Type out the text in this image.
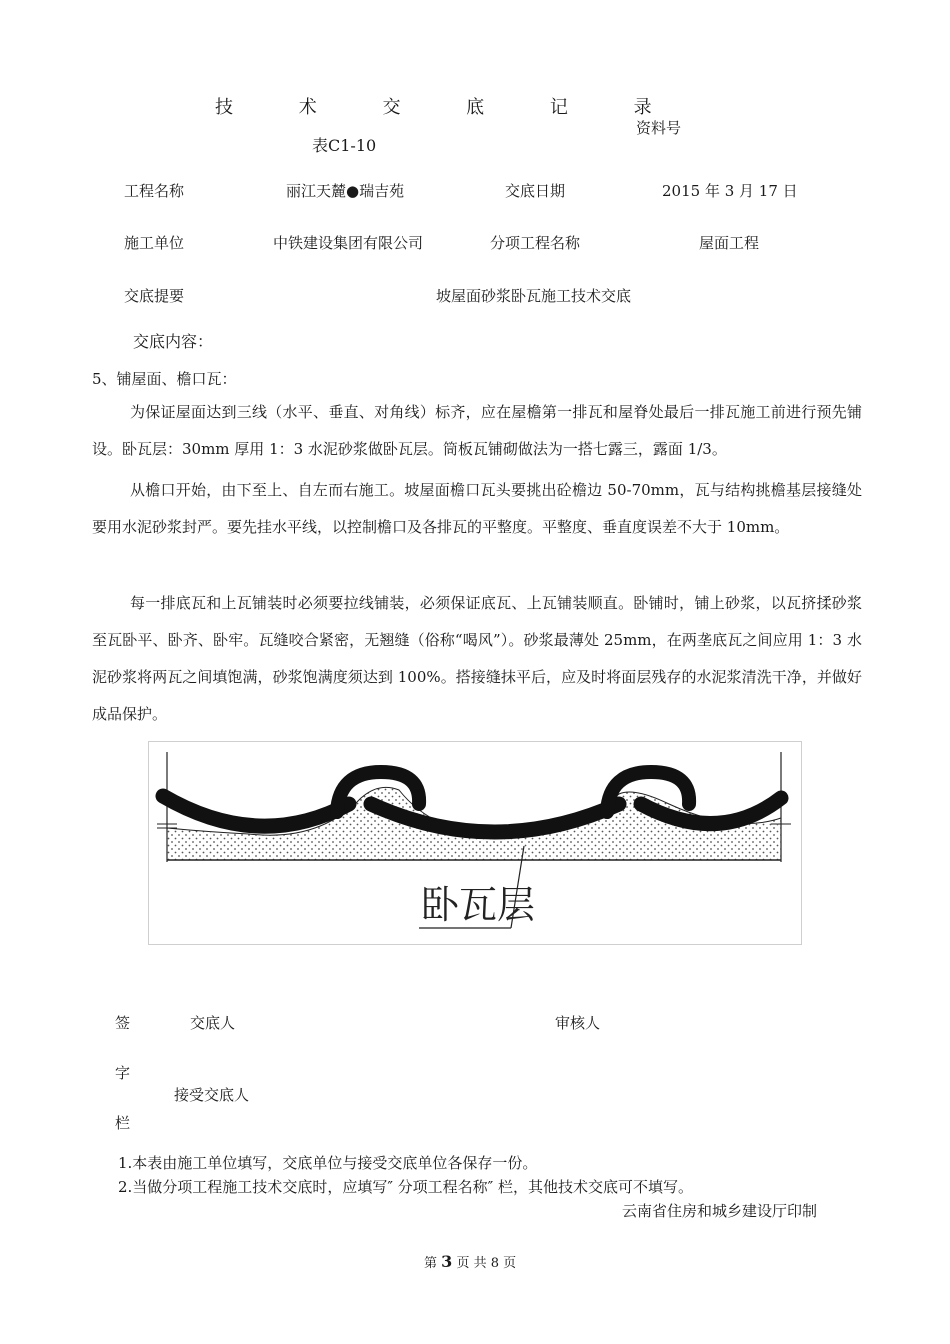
技 术 交 底 记 录
表C1-10
资料号
工程名称	丽江天麓●瑞吉苑	交底日期	2015 年 3 月 17 日
施工单位	中铁建设集团有限公司	分项工程名称	屋面工程
交底提要	坡屋面砂浆卧瓦施工技术交底
交底内容：
5、铺屋面、檐口瓦：

为保证屋面达到三线（水平、垂直、对角线）标齐，应在屋檐第一排瓦和屋脊处最后一排瓦施工前进行预先铺设。卧瓦层：30mm 厚用 1：3 水泥砂浆做卧瓦层。筒板瓦铺砌做法为一搭七露三，露面 1/3。

从檐口开始，由下至上、自左而右施工。坡屋面檐口瓦头要挑出砼檐边 50-70mm，瓦与结构挑檐基层接缝处要用水泥砂浆封严。要先挂水平线，以控制檐口及各排瓦的平整度。平整度、垂直度误差不大于 10mm。

每一排底瓦和上瓦铺装时必须要拉线铺装，必须保证底瓦、上瓦铺装顺直。卧铺时，铺上砂浆，以瓦挤揉砂浆至瓦卧平、卧齐、卧牢。瓦缝咬合紧密，无翘缝（俗称“喝风”）。砂浆最薄处 25mm，在两垄底瓦之间应用 1：3 水泥砂浆将两瓦之间填饱满，砂浆饱满度须达到 100%。搭接缝抹平后，应及时将面层残存的水泥浆清洗干净，并做好成品保护。

卧瓦层
签
字
栏
交底人	审核人
接受交底人
1.本表由施工单位填写，交底单位与接受交底单位各保存一份。
2.当做分项工程施工技术交底时，应填写″ 分项工程名称″ 栏，其他技术交底可不填写。
云南省住房和城乡建设厅印制
第 3 页 共 8 页
